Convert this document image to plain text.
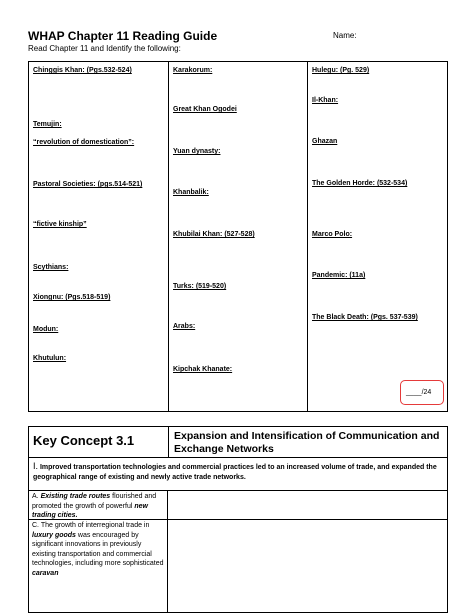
WHAP Chapter 11 Reading Guide	Name:
Read Chapter 11 and Identify the following:
Chinggis Khan: (Pgs.532-524)
Temujin:
“revolution of domestication”:
Pastoral Societies: (pgs.514-521)
“fictive kinship”
Scythians:
Xiongnu: (Pgs.518-519)
Modun:
Khutulun:
Karakorum:
Great Khan Ogodei
Yuan dynasty:
Khanbalik:
Khubilai Khan: (527-528)
Turks: (519-520)
Arabs:
Kipchak Khanate:
Hulegu: (Pg. 529)
Il-Khan:
Ghazan
The Golden Horde: (532-534)
Marco Polo:
Pandemic: (11a)
The Black Death: (Pgs. 537-539)
____/24
Key Concept 3.1	Expansion and Intensification of Communication and Exchange Networks
I. Improved transportation technologies and commercial practices led to an increased volume of trade, and expanded the geographical range of existing and newly active trade networks.
A. Existing trade routes flourished and promoted the growth of powerful new trading cities.
C. The growth of interregional trade in luxury goods was encouraged by significant innovations in previously existing transportation and commercial technologies, including more sophisticated caravan
